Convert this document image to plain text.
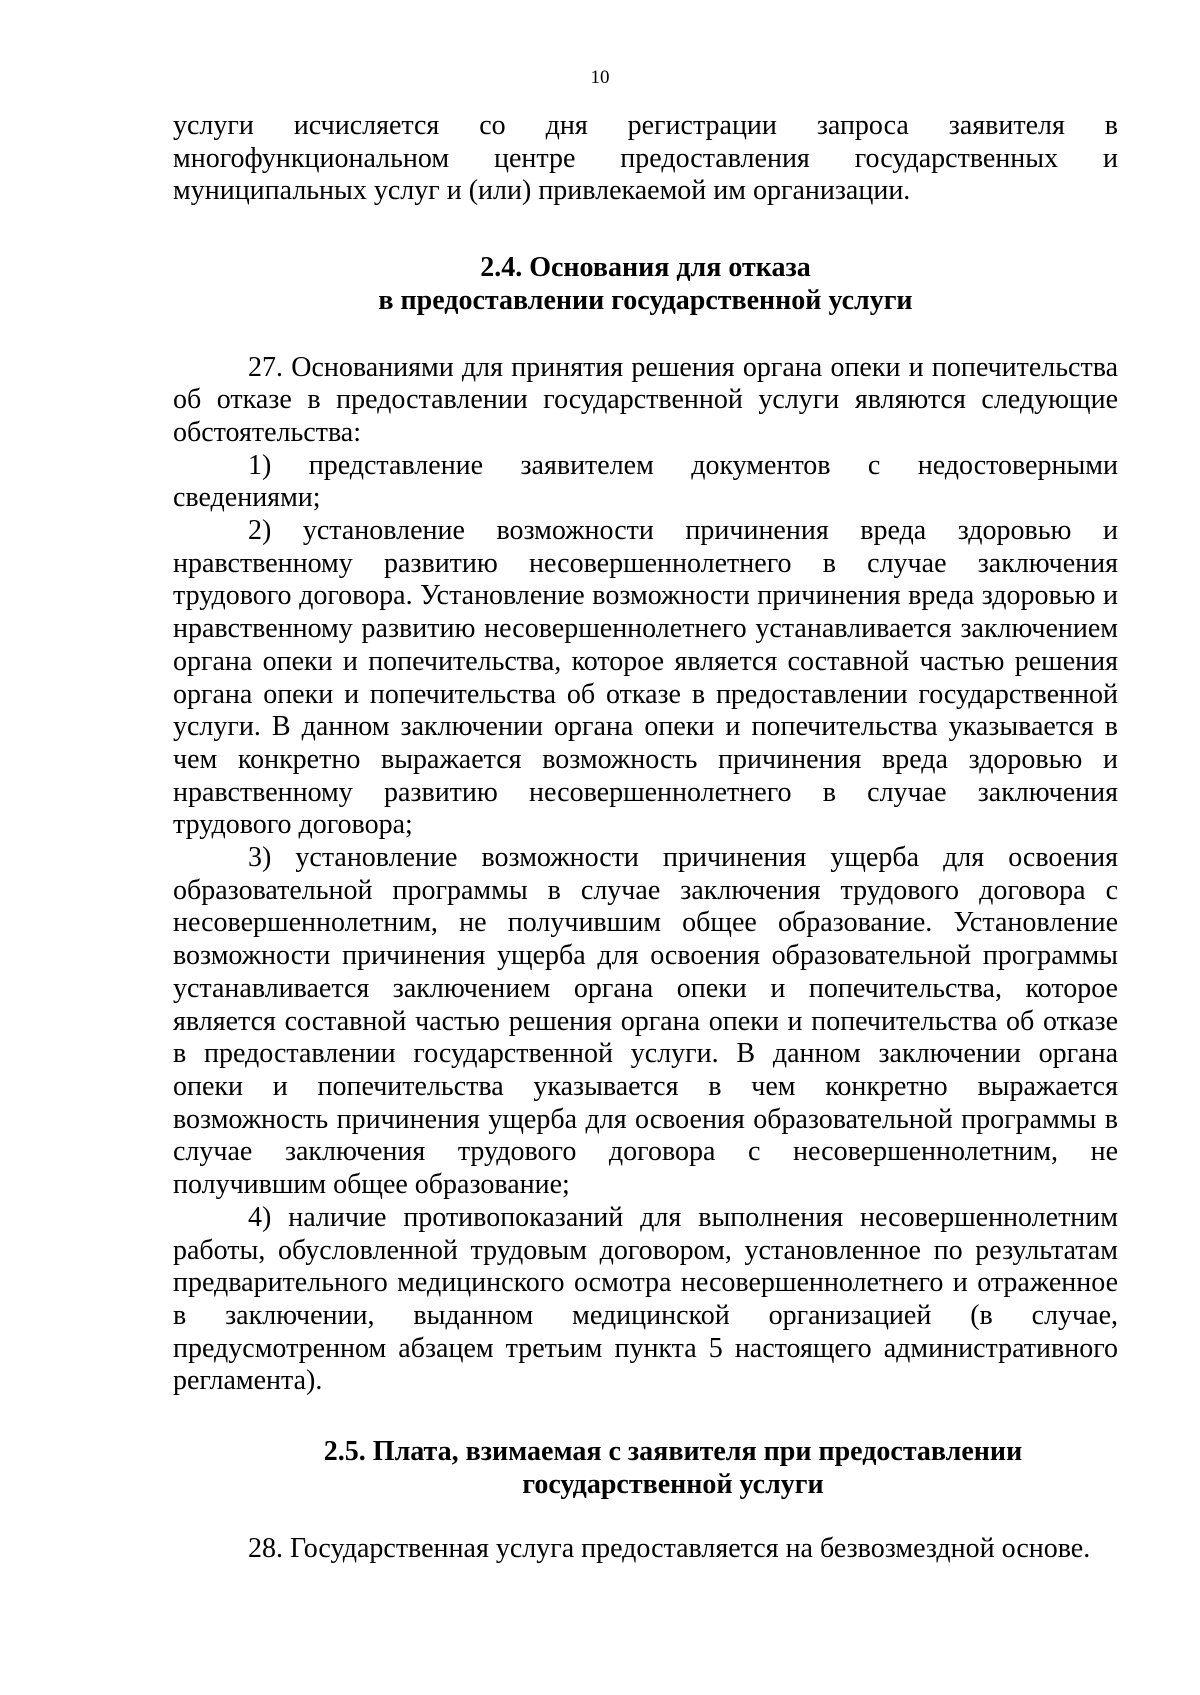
10

услуги исчисляется со дня регистрации запроса заявителя в многофункциональном центре предоставления государственных и муниципальных услуг и (или) привлекаемой им организации.

2.4. Основания для отказа
в предоставлении государственной услуги

27. Основаниями для принятия решения органа опеки и попечительства об отказе в предоставлении государственной услуги являются следующие обстоятельства:

1) представление заявителем документов с недостоверными сведениями;

2) установление возможности причинения вреда здоровью и нравственному развитию несовершеннолетнего в случае заключения трудового договора. Установление возможности причинения вреда здоровью и нравственному развитию несовершеннолетнего устанавливается заключением органа опеки и попечительства, которое является составной частью решения органа опеки и попечительства об отказе в предоставлении государственной услуги. В данном заключении органа опеки и попечительства указывается в чем конкретно выражается возможность причинения вреда здоровью и нравственному развитию несовершеннолетнего в случае заключения трудового договора;

3) установление возможности причинения ущерба для освоения образовательной программы в случае заключения трудового договора с несовершеннолетним, не получившим общее образование. Установление возможности причинения ущерба для освоения образовательной программы устанавливается заключением органа опеки и попечительства, которое является составной частью решения органа опеки и попечительства об отказе в предоставлении государственной услуги. В данном заключении органа опеки и попечительства указывается в чем конкретно выражается возможность причинения ущерба для освоения образовательной программы в случае заключения трудового договора с несовершеннолетним, не получившим общее образование;

4) наличие противопоказаний для выполнения несовершеннолетним работы, обусловленной трудовым договором, установленное по результатам предварительного медицинского осмотра несовершеннолетнего и отраженное в заключении, выданном медицинской организацией (в случае, предусмотренном абзацем третьим пункта 5 настоящего административного регламента).

2.5. Плата, взимаемая с заявителя при предоставлении
государственной услуги

28. Государственная услуга предоставляется на безвозмездной основе.
